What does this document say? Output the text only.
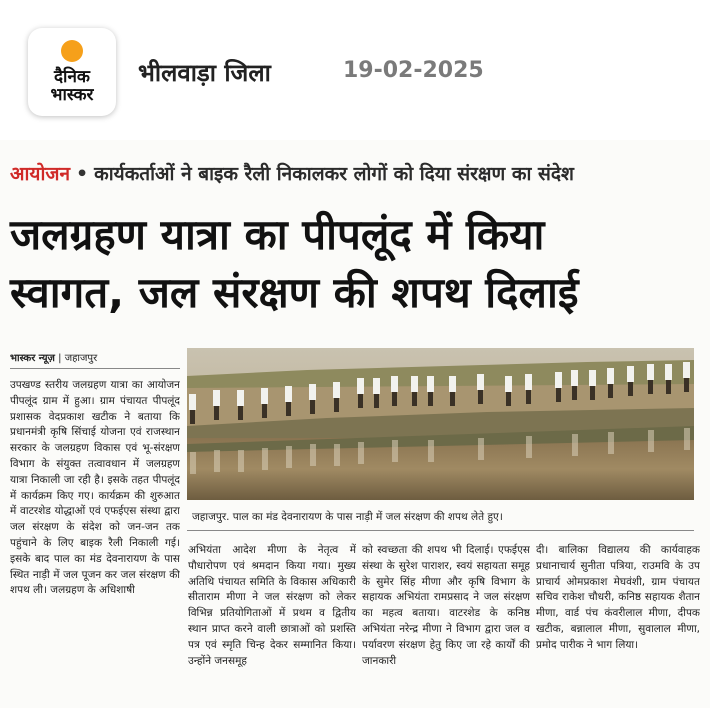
दैनिक
भास्कर
भीलवाड़ा जिला	19-02-2025
आयोजन • कार्यकर्ताओं ने बाइक रैली निकालकर लोगों को दिया संरक्षण का संदेश
जलग्रहण यात्रा का पीपलूंद में किया
स्वागत, जल संरक्षण की शपथ दिलाई
भास्कर न्यूज़ | जहाजपुर
उपखण्ड स्तरीय जलग्रहण यात्रा का आयोजन पीपलूंद ग्राम में हुआ। ग्राम पंचायत पीपलूंद प्रशासक वेदप्रकाश खटीक ने बताया कि प्रधानमंत्री कृषि सिंचाई योजना एवं राजस्थान सरकार के जलग्रहण विकास एवं भू-संरक्षण विभाग के संयुक्त तत्वावधान में जलग्रहण यात्रा निकाली जा रही है। इसके तहत पीपलूंद में कार्यक्रम किए गए। कार्यक्रम की शुरुआत में वाटरशेड योद्धाओं एवं एफईएस संस्था द्वारा जल संरक्षण के संदेश को जन-जन तक पहुंचाने के लिए बाइक रैली निकाली गई। इसके बाद पाल का मंड देवनारायण के पास स्थित नाड़ी में जल पूजन कर जल संरक्षण की शपथ ली। जलग्रहण के अधिशाषी
जहाजपुर. पाल का मंड देवनारायण के पास नाड़ी में जल संरक्षण की शपथ लेते हुए।
अभियंता आदेश मीणा के नेतृत्व में पौधारोपण एवं श्रमदान किया गया। मुख्य अतिथि पंचायत समिति के विकास अधिकारी सीताराम मीणा ने जल संरक्षण को लेकर विभिन्न प्रतियोगिताओं में प्रथम व द्वितीय स्थान प्राप्त करने वाली छात्राओं को प्रशस्ति पत्र एवं स्मृति चिन्ह देकर सम्मानित किया। उन्होंने जनसमूह
को स्वच्छता की शपथ भी दिलाई। एफईएस संस्था के सुरेश पाराशर, स्वयं सहायता समूह के सुमेर सिंह मीणा और कृषि विभाग के सहायक अभियंता रामप्रसाद ने जल संरक्षण का महत्व बताया। वाटरशेड के कनिष्ठ अभियंता नरेन्द्र मीणा ने विभाग द्वारा जल व पर्यावरण संरक्षण हेतु किए जा रहे कार्यों की जानकारी
दी। बालिका विद्यालय की कार्यवाहक प्रधानाचार्य सुनीता पत्रिया, राउमवि के उप प्राचार्य ओमप्रकाश मेघवंशी, ग्राम पंचायत सचिव राकेश चौधरी, कनिष्ठ सहायक शैतान मीणा, वार्ड पंच कंवरीलाल मीणा, दीपक खटीक, बन्नालाल मीणा, सुवालाल मीणा, प्रमोद पारीक ने भाग लिया।
